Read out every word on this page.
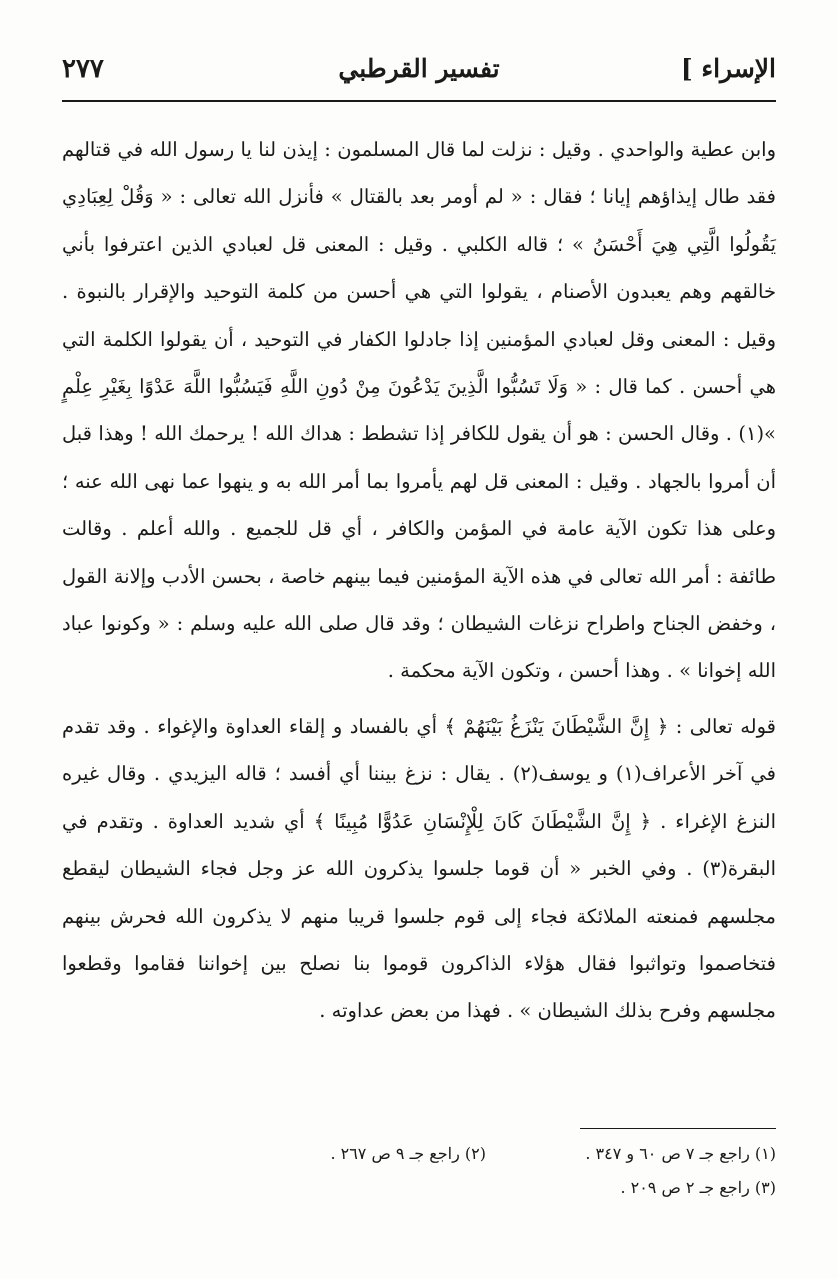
الإسراء ]
تفسير القرطبي
٢٧٧

وابن عطية والواحدي . وقيل : نزلت لما قال المسلمون : إيذن لنا يا رسول الله في قتالهم فقد طال إيذاؤهم إيانا ؛ فقال : « لم أومر بعد بالقتال » فأنزل الله تعالى : « وَقُلْ لِعِبَادِي يَقُولُوا الَّتِي هِيَ أَحْسَنُ » ؛ قاله الكلبي . وقيل : المعنى قل لعبادي الذين اعترفوا بأني خالقهم وهم يعبدون الأصنام ، يقولوا التي هي أحسن من كلمة التوحيد والإقرار بالنبوة . وقيل : المعنى وقل لعبادي المؤمنين إذا جادلوا الكفار في التوحيد ، أن يقولوا الكلمة التي هي أحسن . كما قال : « وَلَا تَسُبُّوا الَّذِينَ يَدْعُونَ مِنْ دُونِ اللَّهِ فَيَسُبُّوا اللَّهَ عَدْوًا بِغَيْرِ عِلْمٍ »(١) . وقال الحسن : هو أن يقول للكافر إذا تشطط : هداك الله ! يرحمك الله ! وهذا قبل أن أمروا بالجهاد . وقيل : المعنى قل لهم يأمروا بما أمر الله به و ينهوا عما نهى الله عنه ؛ وعلى هذا تكون الآية عامة في المؤمن والكافر ، أي قل للجميع . والله أعلم . وقالت طائفة : أمر الله تعالى في هذه الآية المؤمنين فيما بينهم خاصة ، بحسن الأدب وإلانة القول ، وخفض الجناح واطراح نزغات الشيطان ؛ وقد قال صلى الله عليه وسلم : « وكونوا عباد الله إخوانا » . وهذا أحسن ، وتكون الآية محكمة .

قوله تعالى : ﴿ إِنَّ الشَّيْطَانَ يَنْزَغُ بَيْنَهُمْ ﴾ أي بالفساد و إلقاء العداوة والإغواء . وقد تقدم في آخر الأعراف(١) و يوسف(٢) . يقال : نزغ بيننا أي أفسد ؛ قاله اليزيدي . وقال غيره النزغ الإغراء . ﴿ إِنَّ الشَّيْطَانَ كَانَ لِلْإِنْسَانِ عَدُوًّا مُبِينًا ﴾ أي شديد العداوة . وتقدم في البقرة(٣) . وفي الخبر « أن قوما جلسوا يذكرون الله عز وجل فجاء الشيطان ليقطع مجلسهم فمنعته الملائكة فجاء إلى قوم جلسوا قريبا منهم لا يذكرون الله فحرش بينهم فتخاصموا وتواثبوا فقال هؤلاء الذاكرون قوموا بنا نصلح بين إخواننا فقاموا وقطعوا مجلسهم وفرح بذلك الشيطان » . فهذا من بعض عداوته .

(١) راجع جـ ٧ ص ٦٠ و ٣٤٧ .
(٢) راجع جـ ٩ ص ٢٦٧ .
(٣) راجع جـ ٢ ص ٢٠٩ .
